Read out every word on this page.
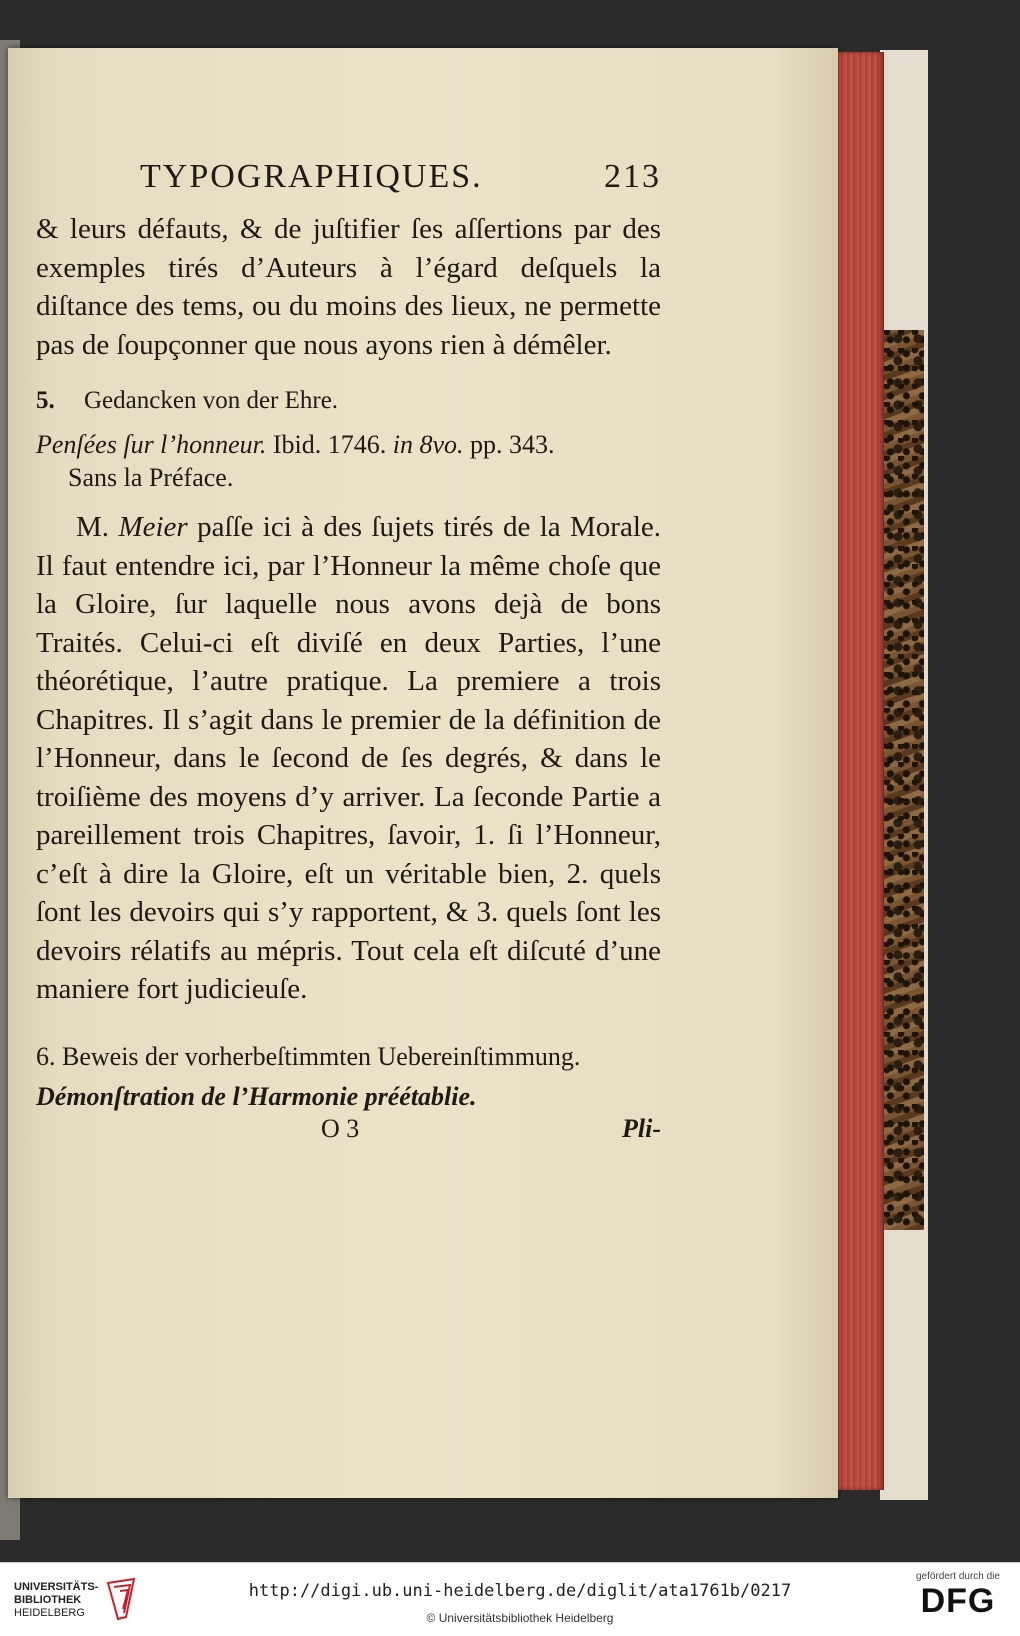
TYPOGRAPHIQUES.	213
& leurs défauts, & de juſtifier ſes aſſertions par des exemples tirés d’Auteurs à l’égard deſquels la diſtance des tems, ou du moins des lieux, ne permette pas de ſoupçonner que nous ayons rien à démêler.
5. Gedancken von der Ehre.
Penſées ſur l’honneur. Ibid. 1746. in 8vo. pp. 343.
Sans la Préface.
M. Meier paſſe ici à des ſujets tirés de la Morale. Il faut entendre ici, par l’Honneur la même choſe que la Gloire, ſur laquelle nous avons dejà de bons Traités. Celui-ci eſt diviſé en deux Parties, l’une théorétique, l’autre pratique. La premiere a trois Chapitres. Il s’agit dans le premier de la définition de l’Honneur, dans le ſecond de ſes degrés, & dans le troiſième des moyens d’y arriver. La ſeconde Partie a pareillement trois Chapitres, ſavoir, 1. ſi l’Honneur, c’eſt à dire la Gloire, eſt un véritable bien, 2. quels ſont les devoirs qui s’y rapportent, & 3. quels ſont les devoirs rélatifs au mépris. Tout cela eſt diſcuté d’une maniere fort judicieuſe.
6. Beweis der vorherbeſtimmten Uebereinſtimmung.
Démonſtration de l’Harmonie préétablie.
O 3	Pli-
UNIVERSITÄTS-
BIBLIOTHEK
HEIDELBERG
http://digi.ub.uni-heidelberg.de/diglit/ata1761b/0217
© Universitätsbibliothek Heidelberg
gefördert durch die
DFG
